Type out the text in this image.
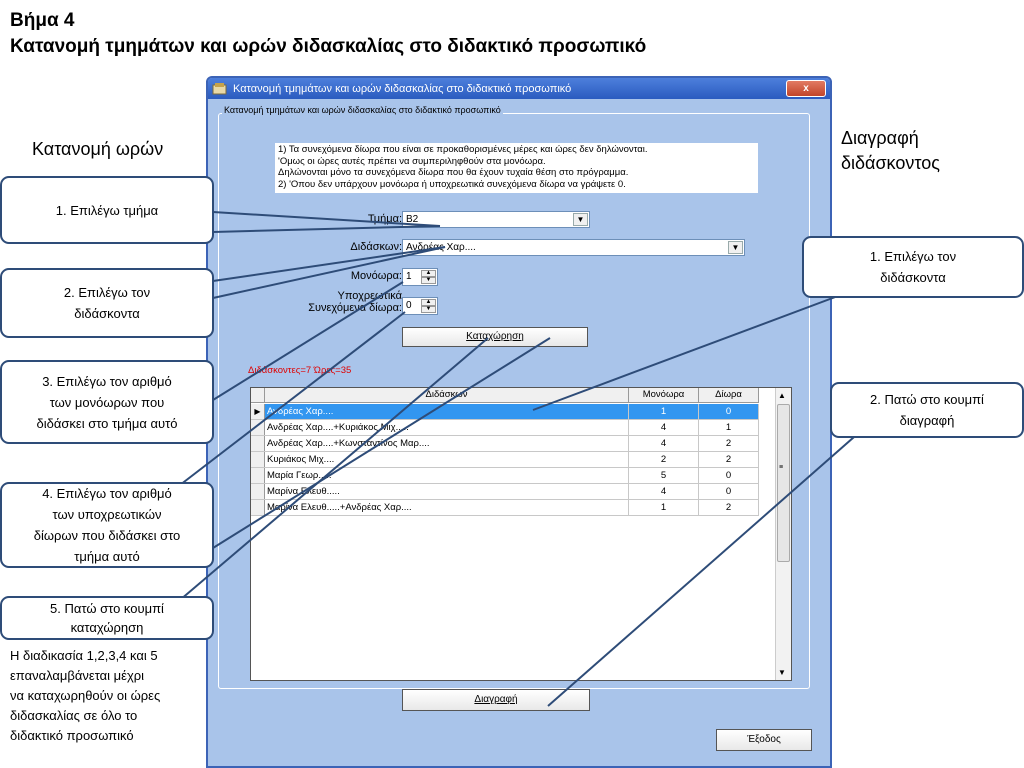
Βήμα 4
Κατανομή τμημάτων και ωρών διδασκαλίας στο διδακτικό προσωπικό
Κατανομή ωρών
Διαγραφή
διδάσκοντος
Κατανομή τμημάτων και ωρών διδασκαλίας στο διδακτικό προσωπικό	x
Κατανομή τμημάτων και ωρών διδασκαλίας στο διδακτικό προσωπικό
1) Τα συνεχόμενα δίωρα που είναι σε προκαθορισμένες μέρες και ώρες δεν δηλώνονται.
'Ομως οι ώρες αυτές πρέπει να συμπεριληφθούν στα μονόωρα.
Δηλώνονται μόνο τα συνεχόμενα δίωρα που θα έχουν τυχαία θέση στο πρόγραμμα.
2) 'Οπου δεν υπάρχουν μονόωρα ή υποχρεωτικά συνεχόμενα δίωρα να γράψετε 0.
Τμήμα: Β2	▼
Διδάσκων: Ανδρέας Χαρ....	▼
Μονόωρα: 1	▲
▼
Υποχρεωτικά
Συνεχόμενα δίωρα: 0	▲
▼
Καταχώρηση
Διδάσκοντες=7 Ώρες=35
Διδάσκων	Μονόωρα	Δίωρα
▶ Ανδρέας Χαρ....	1	0
Ανδρέας Χαρ....+Κυριάκος Μιχ.....	4	1
Ανδρέας Χαρ....+Κωνσταντίνος Μαρ....	4	2
Κυριάκος Μιχ....	2	2
Μαρία Γεωρ.....	5	0
Μαρίνα Ελευθ.....	4	0
Μαρίνα Ελευθ.....+Ανδρέας Χαρ....	1	2
▲
≡
▼
Διαγραφή
Έξοδος
1. Επιλέγω τμήμα
2. Επιλέγω τον
διδάσκοντα
3. Επιλέγω τον αριθμό
των μονόωρων που
διδάσκει στο τμήμα αυτό
4. Επιλέγω τον αριθμό
των υποχρεωτικών
δίωρων που διδάσκει στο
τμήμα αυτό
5. Πατώ στο κουμπί
καταχώρηση
1. Επιλέγω τον
διδάσκοντα
2. Πατώ στο κουμπί
διαγραφή
Η διαδικασία 1,2,3,4 και 5
επαναλαμβάνεται μέχρι
να καταχωρηθούν οι ώρες
διδασκαλίας σε όλο το
διδακτικό προσωπικό
